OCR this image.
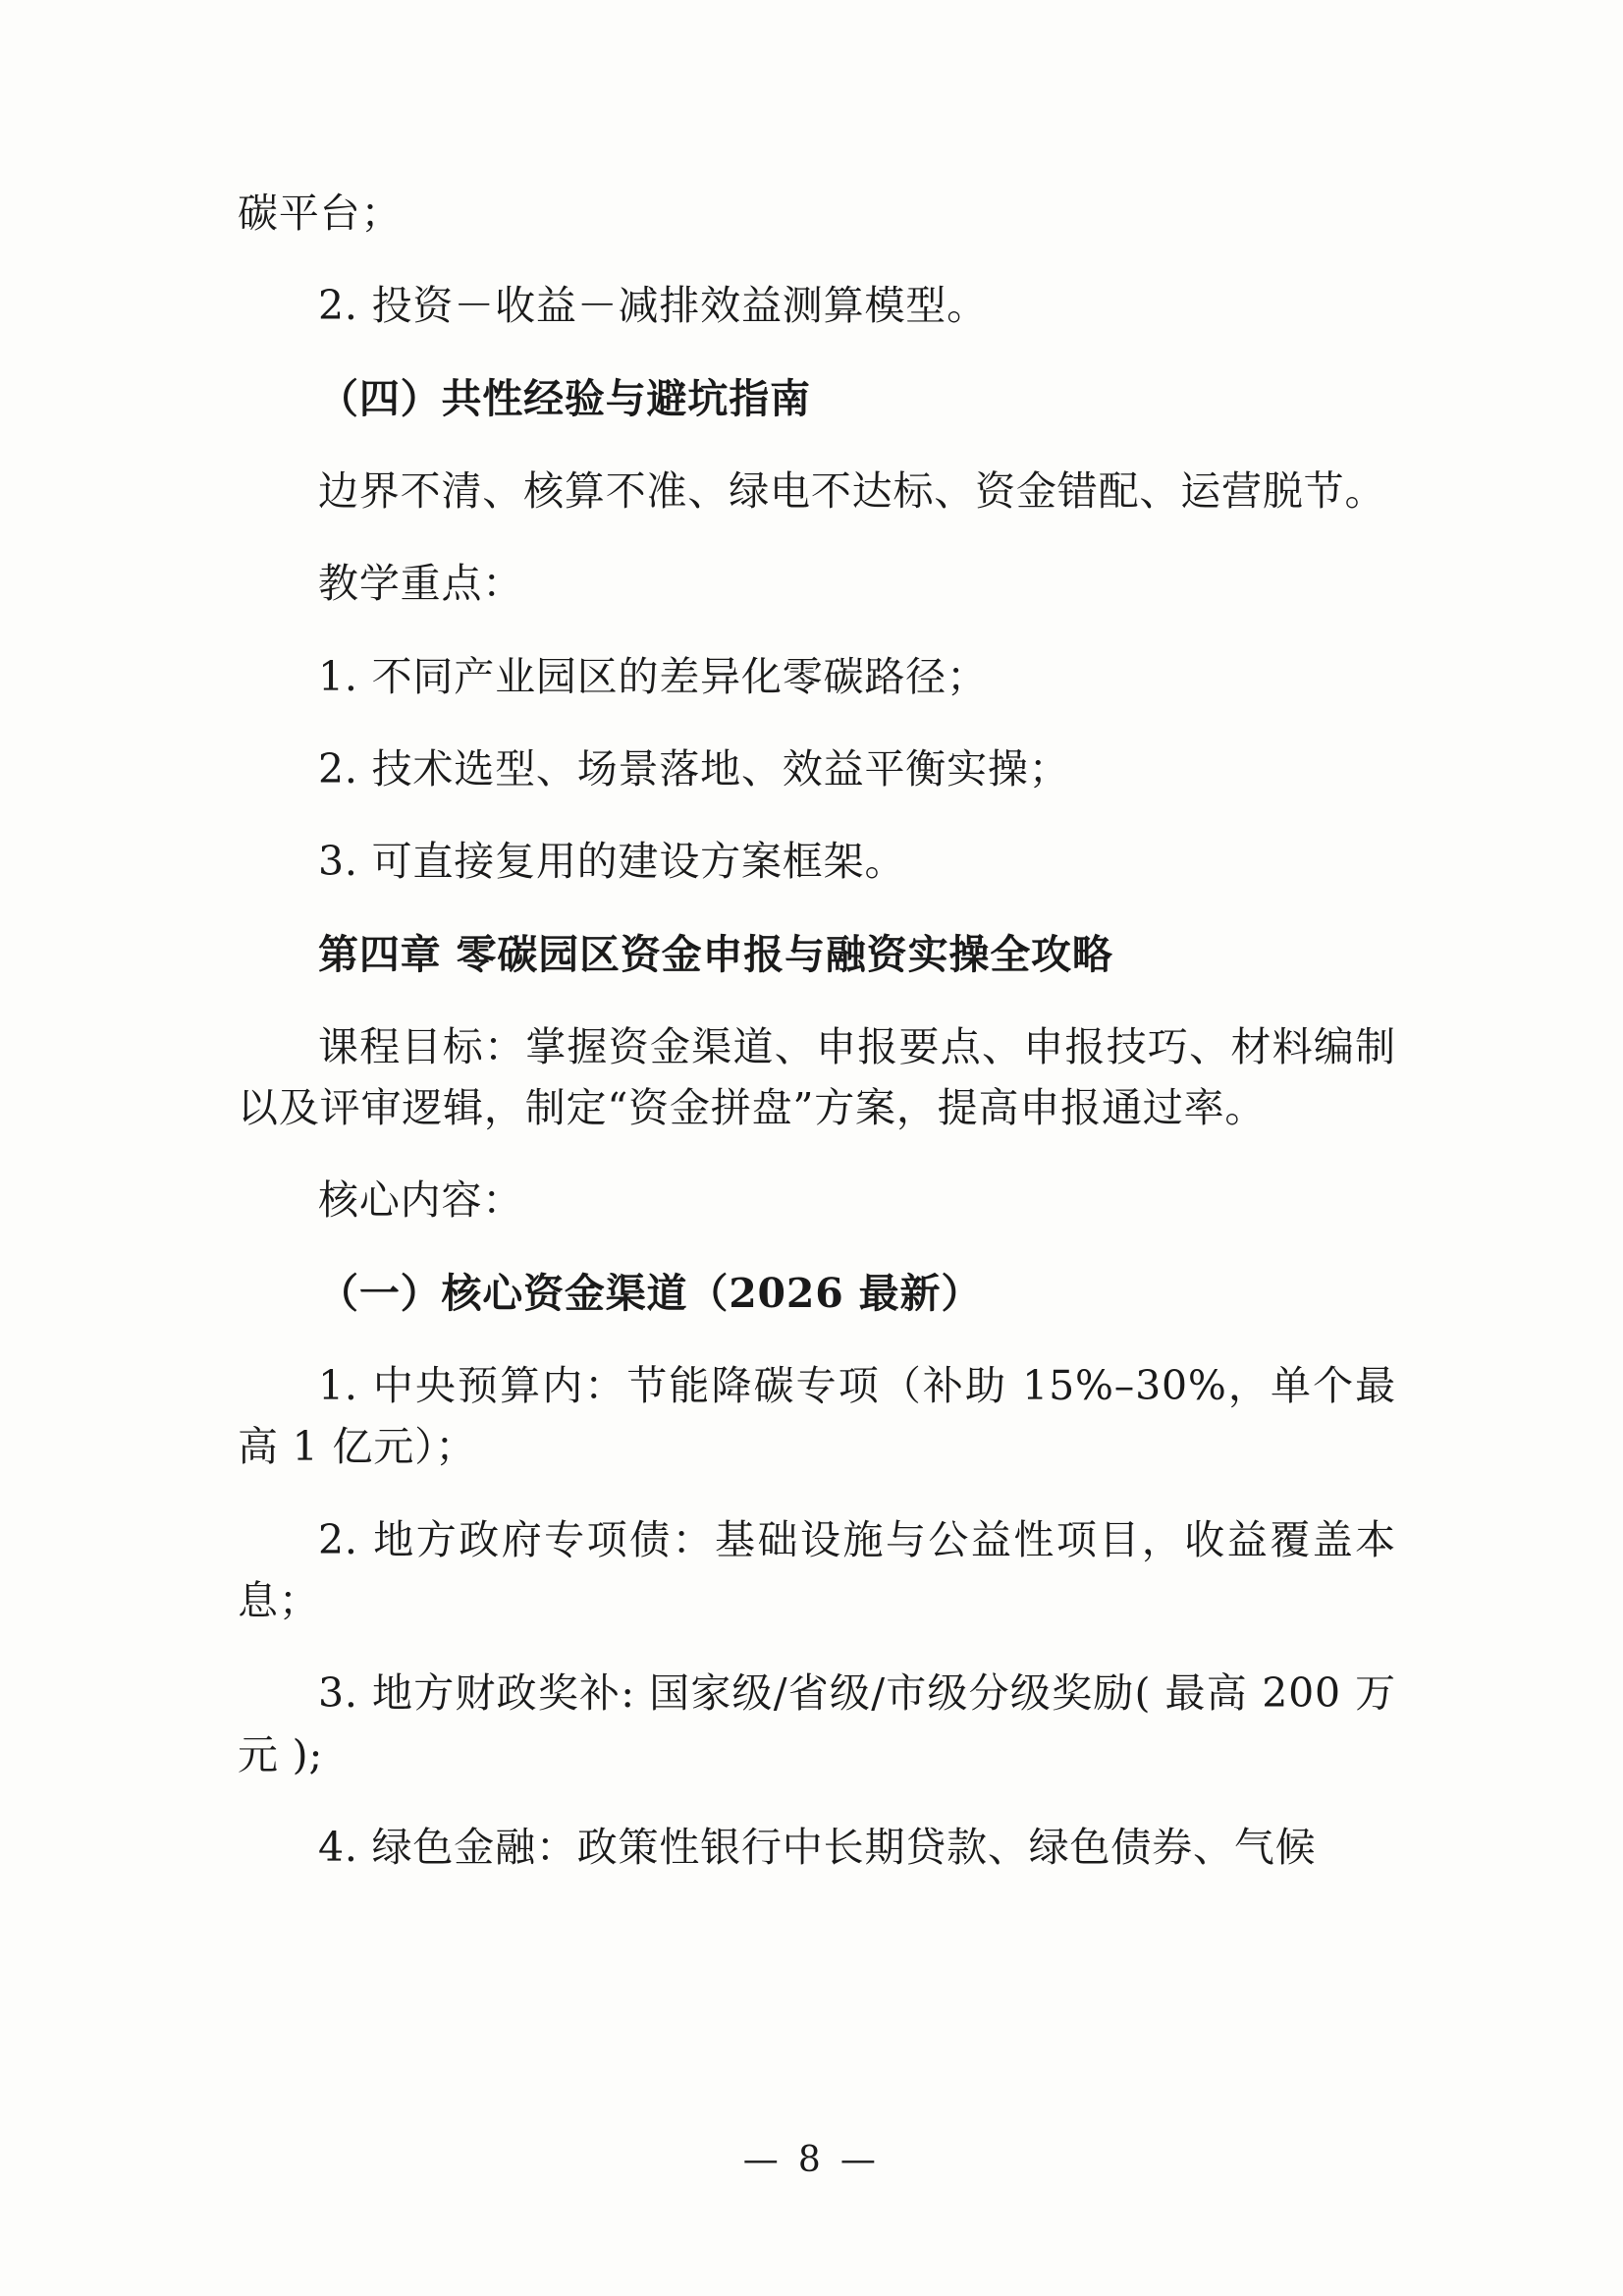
碳平台；

2. 投资－收益－减排效益测算模型。

（四）共性经验与避坑指南

边界不清、核算不准、绿电不达标、资金错配、运营脱节。

教学重点：

1. 不同产业园区的差异化零碳路径；

2. 技术选型、场景落地、效益平衡实操；

3. 可直接复用的建设方案框架。

第四章 零碳园区资金申报与融资实操全攻略

课程目标：掌握资金渠道、申报要点、申报技巧、材料编制以及评审逻辑，制定“资金拼盘”方案，提高申报通过率。

核心内容：

（一）核心资金渠道（2026 最新）

1. 中央预算内：节能降碳专项（补助 15%–30%，单个最高 1 亿元）；

2. 地方政府专项债：基础设施与公益性项目，收益覆盖本息；

3. 地方财政奖补: 国家级/省级/市级分级奖励( 最高 200 万元 );

4. 绿色金融：政策性银行中长期贷款、绿色债券、气候

— 8 —
